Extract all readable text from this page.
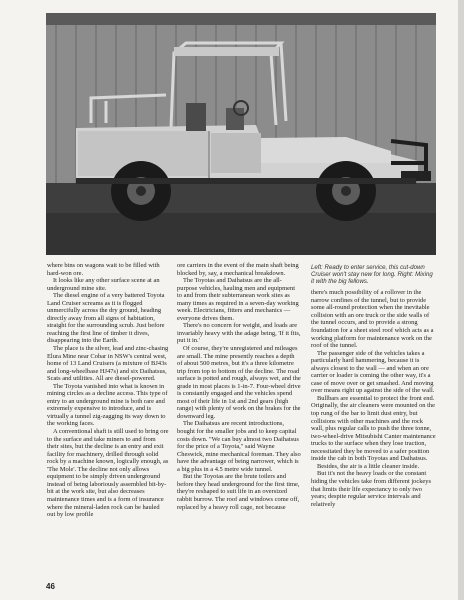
where bins on wagons wait to be filled with hard-won ore.

It looks like any other surface scene at an underground mine site.

The diesel engine of a very battered Toyota Land Cruiser screams as it is flogged unmercifully across the dry ground, heading directly away from all signs of habitation, straight for the surrounding scrub. Just before reaching the first line of timber it dives, disappearing into the Earth.

The place is the silver, lead and zinc-chasing Elura Mine near Cobar in NSW's central west, home of 13 Land Cruisers (a mixture of BJ43s and long-wheelbase HJ47s) and six Daihatsus, Scats and utilities. All are diesel-powered.

The Toyota vanished into what is known in mining circles as a decline access. This type of entry to an underground mine is both rare and extremely expensive to introduce, and is virtually a tunnel zig-zagging its way down to the working faces.

A conventional shaft is still used to bring ore to the surface and take miners to and from their sites, but the decline is an entry and exit facility for machinery, drilled through solid rock by a machine known, logically enough, as 'The Mole'. The decline not only allows equipment to be simply driven underground instead of being laboriously assembled bit-by-bit at the work site, but also decreases maintenance times and is a form of insurance where the mineral-laden rock can be hauled out by low profile

ore carriers in the event of the main shaft being blocked by, say, a mechanical breakdown.

The Toyotas and Daihatsus are the all-purpose vehicles, hauling men and equipment to and from their subterranean work sites as many times as required in a seven-day working week. Electricians, fitters and mechanics — everyone drives them.

There's no concern for weight, and loads are invariably heavy with the adage being, 'If it fits, put it in.'

Of course, they're unregistered and mileages are small. The mine presently reaches a depth of about 500 metres, but it's a three kilometre trip from top to bottom of the decline. The road surface is potted and rough, always wet, and the grade in most places is 1-in-7. Four-wheel drive is constantly engaged and the vehicles spend most of their life in 1st and 2nd gears (high range) with plenty of work on the brakes for the downward leg.

The Daihatsus are recent introductions, bought for the smaller jobs and to keep capital costs down. "We can buy almost two Daihatsus for the price of a Toyota," said Wayne Cheswick, mine mechanical foreman. They also have the advantage of being narrower, which is a big plus in a 4.5 metre wide tunnel.

But the Toyotas are the brute toilers and before they head underground for the first time, they're reshaped to suit life in an oversized rabbit burrow. The roof and windows come off, replaced by a heavy roll cage, not because

Left: Ready to enter service, this cut-down Cruiser won't stay new for long. Right: Mixing it with the big fellows.

there's much possibility of a rollover in the narrow confines of the tunnel, but to provide some all-round protection when the inevitable collision with an ore truck or the side walls of the tunnel occurs, and to provide a strong foundation for a sheet steel roof which acts as a working platform for maintenance work on the roof of the tunnel.

The passenger side of the vehicles takes a particularly hard hammering, because it is always closest to the wall — and when an ore carrier or loader is coming the other way, it's a case of move over or get smashed. And moving over means right up against the side of the wall.

Bullbars are essential to protect the front end. Originally, the air cleaners were mounted on the top rung of the bar to limit dust entry, but collisions with other machines and the rock wall, plus regular calls to push the three tonne, two-wheel-drive Mitsubishi Canter maintenance trucks to the surface when they lose traction, necessitated they be moved to a safer position inside the cab in both Toyotas and Daihatsus.

Besides, the air is a little cleaner inside.

But it's not the heavy loads or the constant hiding the vehicles take from different jockeys that limits their life expectancy to only two years; despite regular service intervals and relatively

46
